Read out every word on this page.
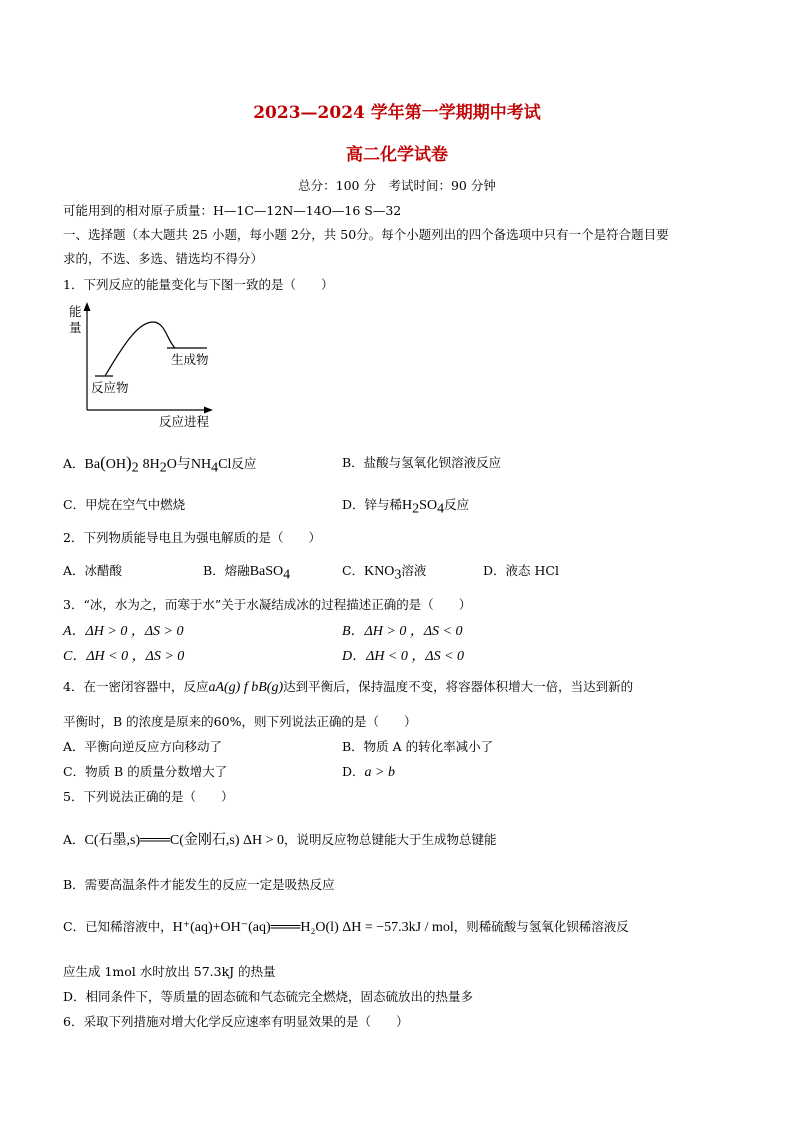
2023—2024 学年第一学期期中考试
高二化学试卷
总分：100 分　考试时间：90 分钟
可能用到的相对原子质量：H—1C—12N—14O—16 S—32
一、选择题（本大题共 25 小题，每小题 2分，共 50分。每个小题列出的四个备选项中只有一个是符合题目要
求的，不选、多选、错选均不得分）
1．下列反应的能量变化与下图一致的是（　　）
能
量
反应物
生成物
反应进程
A．$Ba(OH)_2$ $8H_2O$与$NH_4Cl$反应	B．盐酸与氢氧化钡溶液反应
C．甲烷在空气中燃烧	D．锌与稀$H_2SO_4$反应
2．下列物质能导电且为强电解质的是（　　）
A．冰醋酸	B．熔融BaSO$_4$	C．$KNO_3$溶液	D．液态 HCl
3．“冰，水为之，而寒于水”关于水凝结成冰的过程描述正确的是（　　）
A．ΔH > 0 ，ΔS > 0	B．ΔH > 0 ，ΔS < 0
C．ΔH < 0 ，ΔS > 0	D．ΔH < 0 ，ΔS < 0
4．在一密闭容器中，反应aA(g) f bB(g)达到平衡后，保持温度不变，将容器体积增大一倍，当达到新的
平衡时，B 的浓度是原来的60%，则下列说法正确的是（　　）
A．平衡向逆反应方向移动了	B．物质 A 的转化率减小了
C．物质 B 的质量分数增大了	D．a > b
5．下列说法正确的是（　　）
A．C(石墨,s)═══C(金刚石,s) ΔH > 0，说明反应物总键能大于生成物总键能
B．需要高温条件才能发生的反应一定是吸热反应
C．已知稀溶液中，H⁺(aq)+OH⁻(aq)═══H₂O(l) ΔH = −57.3kJ / mol，则稀硫酸与氢氧化钡稀溶液反
应生成 1mol 水时放出 57.3kJ 的热量
D．相同条件下，等质量的固态硫和气态硫完全燃烧，固态硫放出的热量多
6．采取下列措施对增大化学反应速率有明显效果的是（　　）
